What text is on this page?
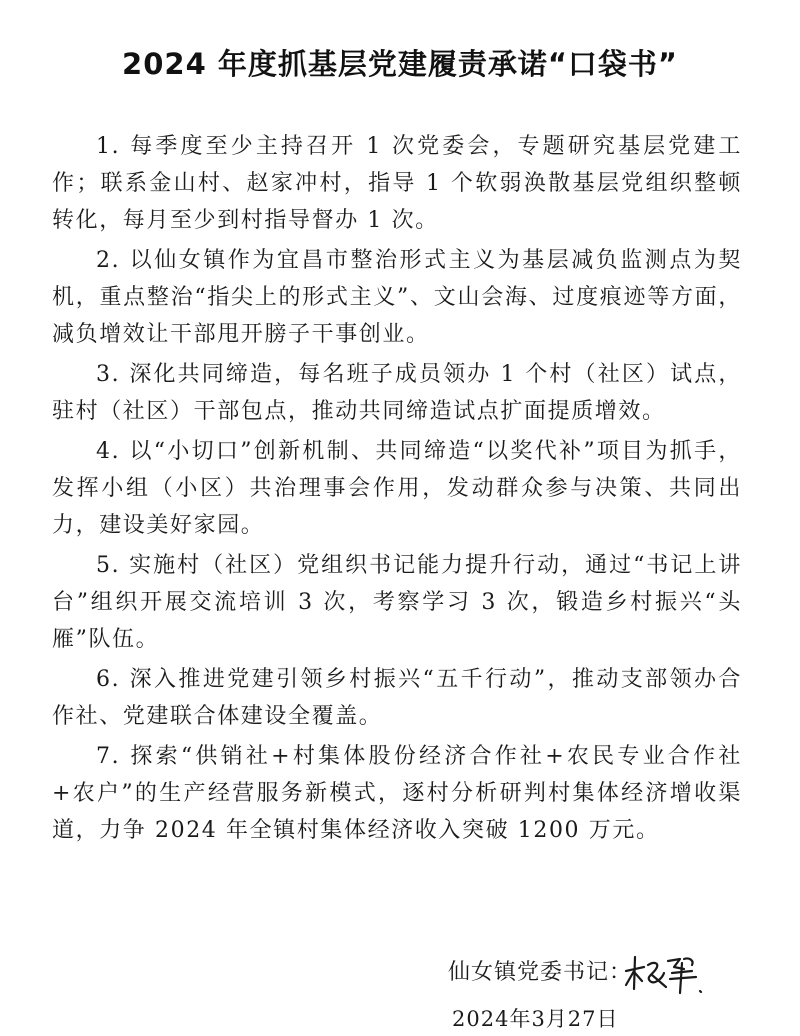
2024 年度抓基层党建履责承诺“口袋书”

1. 每季度至少主持召开 1 次党委会，专题研究基层党建工作；联系金山村、赵家冲村，指导 1 个软弱涣散基层党组织整顿转化，每月至少到村指导督办 1 次。

2. 以仙女镇作为宜昌市整治形式主义为基层减负监测点为契机，重点整治“指尖上的形式主义”、文山会海、过度痕迹等方面，减负增效让干部甩开膀子干事创业。

3. 深化共同缔造，每名班子成员领办 1 个村（社区）试点，驻村（社区）干部包点，推动共同缔造试点扩面提质增效。

4. 以“小切口”创新机制、共同缔造“以奖代补”项目为抓手，发挥小组（小区）共治理事会作用，发动群众参与决策、共同出力，建设美好家园。

5. 实施村（社区）党组织书记能力提升行动，通过“书记上讲台”组织开展交流培训 3 次，考察学习 3 次，锻造乡村振兴“头雁”队伍。

6. 深入推进党建引领乡村振兴“五千行动”，推动支部领办合作社、党建联合体建设全覆盖。

7. 探索“供销社+村集体股份经济合作社+农民专业合作社+农户”的生产经营服务新模式，逐村分析研判村集体经济增收渠道，力争 2024 年全镇村集体经济收入突破 1200 万元。

仙女镇党委书记：
2024年3月27日
